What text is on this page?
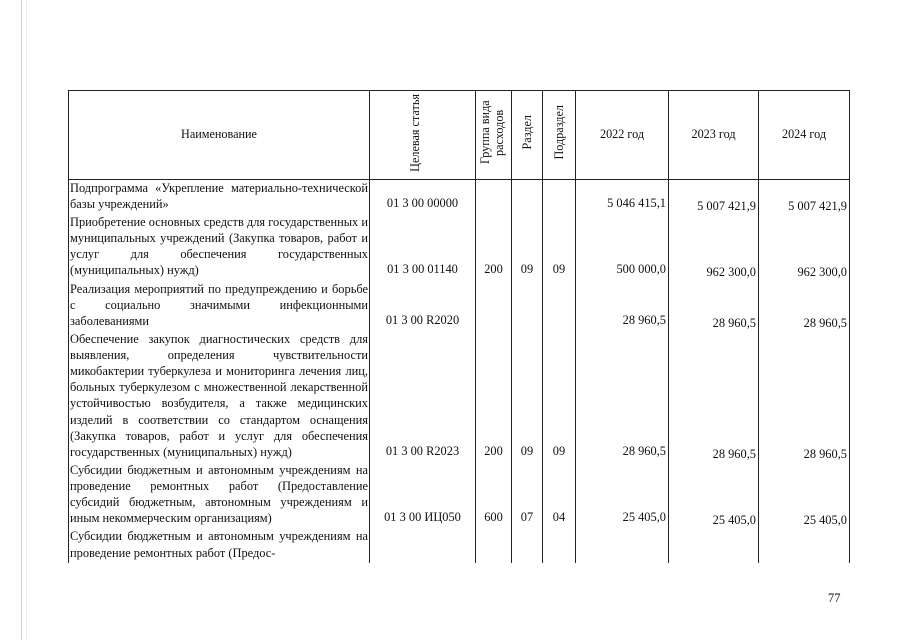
Наименование	Целевая статья	Группа вида расходов	Раздел	Подраздел	2022 год	2023 год	2024 год
Подпрограмма «Укрепление материально-технической базы учреждений»	01 3 00 00000				5 046 415,1	5 007 421,9	5 007 421,9
Приобретение основных средств для государственных и муниципальных учреждений (Закупка товаров, работ и услуг для обеспечения государственных (муниципальных) нужд)	01 3 00 01140	200	09	09	500 000,0	962 300,0	962 300,0
Реализация мероприятий по предупреждению и борьбе с социально значимыми инфекционными заболеваниями	01 3 00 R2020				28 960,5	28 960,5	28 960,5
Обеспечение закупок диагностических средств для выявления, определения чувствительности микобактерии туберкулеза и мониторинга лечения лиц, больных туберкулезом с множественной лекарственной устойчивостью возбудителя, а также медицинских изделий в соответствии со стандартом оснащения (Закупка товаров, работ и услуг для обеспечения государственных (муниципальных) нужд)	01 3 00 R2023	200	09	09	28 960,5	28 960,5	28 960,5
Субсидии бюджетным и автономным учреждениям на проведение ремонтных работ (Предоставление субсидий бюджетным, автономным учреждениям и иным некоммерческим организациям)	01 3 00 ИЦ050	600	07	04	25 405,0	25 405,0	25 405,0
Субсидии бюджетным и автономным учреждениям на проведение ремонтных работ (Предос-							
77
